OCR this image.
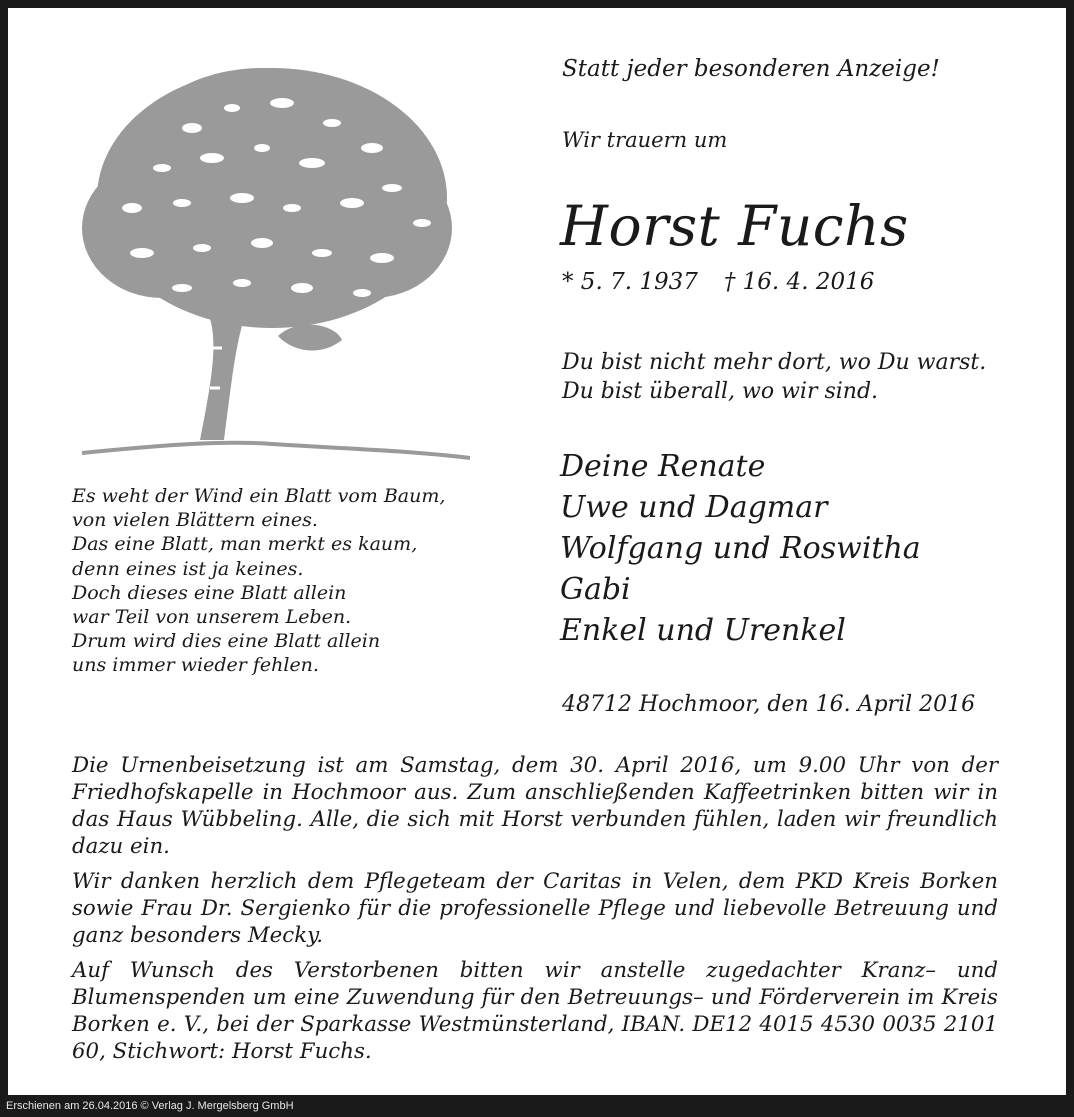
Es weht der Wind ein Blatt vom Baum,
von vielen Blättern eines.
Das eine Blatt, man merkt es kaum,
denn eines ist ja keines.
Doch dieses eine Blatt allein
war Teil von unserem Leben.
Drum wird dies eine Blatt allein
uns immer wieder fehlen.
Statt jeder besonderen Anzeige!
Wir trauern um
Horst Fuchs
* 5. 7. 1937 † 16. 4. 2016
Du bist nicht mehr dort, wo Du warst.
Du bist überall, wo wir sind.
Deine Renate
Uwe und Dagmar
Wolfgang und Roswitha
Gabi
Enkel und Urenkel
48712 Hochmoor, den 16. April 2016

Die Urnenbeisetzung ist am Samstag, dem 30. April 2016, um 9.00 Uhr von der Friedhofskapelle in Hochmoor aus. Zum anschließenden Kaffeetrinken bitten wir in das Haus Wübbeling. Alle, die sich mit Horst verbunden fühlen, laden wir freundlich dazu ein.

Wir danken herzlich dem Pflegeteam der Caritas in Velen, dem PKD Kreis Borken sowie Frau Dr. Sergienko für die professionelle Pflege und liebevolle Betreuung und ganz besonders Mecky.

Auf Wunsch des Verstorbenen bitten wir anstelle zugedachter Kranz– und Blumenspenden um eine Zuwendung für den Betreuungs– und Förderverein im Kreis Borken e. V., bei der Sparkasse Westmünsterland, IBAN. DE12 4015 4530 0035 2101 60, Stichwort: Horst Fuchs.

Erschienen am 26.04.2016 © Verlag J. Mergelsberg GmbH
